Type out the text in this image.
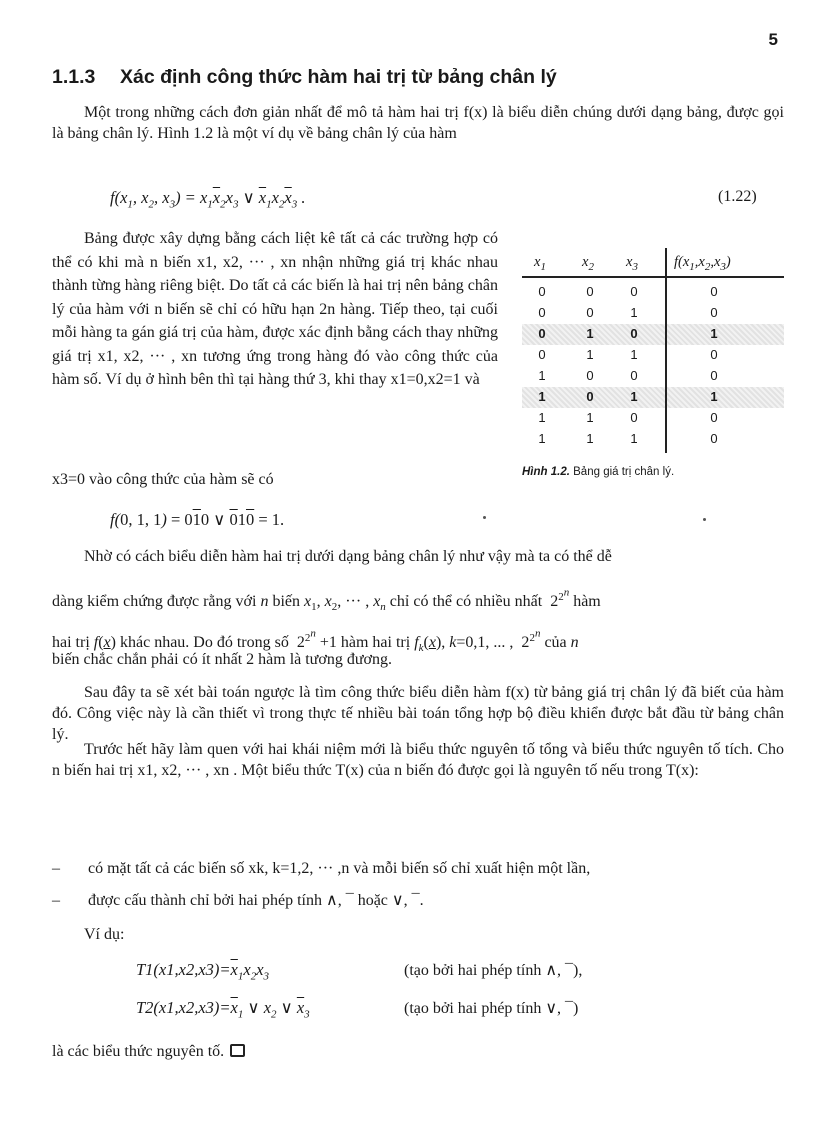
5
1.1.3 Xác định công thức hàm hai trị từ bảng chân lý
Một trong những cách đơn giản nhất để mô tả hàm hai trị f(x) là biểu diễn chúng dưới dạng bảng, được gọi là bảng chân lý. Hình 1.2 là một ví dụ về bảng chân lý của hàm
$f(x_1$, $x_2$, $x_3) = x_1\overline{x}_2x_3$ ∨ $\overline{x}_1x_2\overline{x}_3$ .	(1.22)
Bảng được xây dựng bằng cách liệt kê tất cả các trường hợp có thể có khi mà n biến x1, x2, ··· , xn nhận những giá trị khác nhau thành từng hàng riêng biệt. Do tất cả các biến là hai trị nên bảng chân lý của hàm với n biến sẽ chỉ có hữu hạn 2n hàng. Tiếp theo, tại cuối mỗi hàng ta gán giá trị của hàm, được xác định bằng cách thay những giá trị x1, x2, ··· , xn tương ứng trong hàng đó vào công thức của hàm số. Ví dụ ở hình bên thì tại hàng thứ 3, khi thay x1=0,x2=1 và
x3=0 vào công thức của hàm sẽ có
f(0, 1, 1) = 010 ∨ 010 = 1.
$x_1$ $x_2$ $x_3$ $f(x_1,x_2,x_3)$
0	0	0	0
0	0	1	0
0	1	0	1
0	1	1	0
1	0	0	0
1	0	1	1
1	1	0	0
1	1	1	0
Hình 1.2. Bảng giá trị chân lý.
Nhờ có cách biểu diễn hàm hai trị dưới dạng bảng chân lý như vậy mà ta có thể dễ
dàng kiểm chứng được rằng với n biến $x_1$, $x_2$, ··· , $x_n$ chỉ có thể có nhiều nhất  $2^{2^n}$ hàm
hai trị f(x) khác nhau. Do đó trong số  $2^{2^n} +1$ hàm hai trị $f_k(x)$, k=0,1, ... ,  $2^{2^n}$ của n
biến chắc chắn phải có ít nhất 2 hàm là tương đương.
Sau đây ta sẽ xét bài toán ngược là tìm công thức biểu diễn hàm f(x) từ bảng giá trị chân lý đã biết của hàm đó. Công việc này là cần thiết vì trong thực tế nhiều bài toán tổng hợp bộ điều khiển được bắt đầu từ bảng chân lý.
Trước hết hãy làm quen với hai khái niệm mới là biểu thức nguyên tố tổng và biểu thức nguyên tố tích. Cho n biến hai trị x1, x2, ··· , xn . Một biểu thức T(x) của n biến đó được gọi là nguyên tố nếu trong T(x):
– có mặt tất cả các biến số xk, k=1,2, ··· ,n và mỗi biến số chỉ xuất hiện một lần,
– được cấu thành chỉ bởi hai phép tính ∧, ¯ hoặc ∨, ¯.
Ví dụ:
$T1(x1,x2,x3)=\overline{x}_1x_2x_3$	(tạo bởi hai phép tính ∧, ¯),
$T2(x1,x2,x3)=\overline{x}_1$ ∨ $x_2$ ∨ $\overline{x}_3$	(tạo bởi hai phép tính ∨, ¯)
là các biểu thức nguyên tố.
